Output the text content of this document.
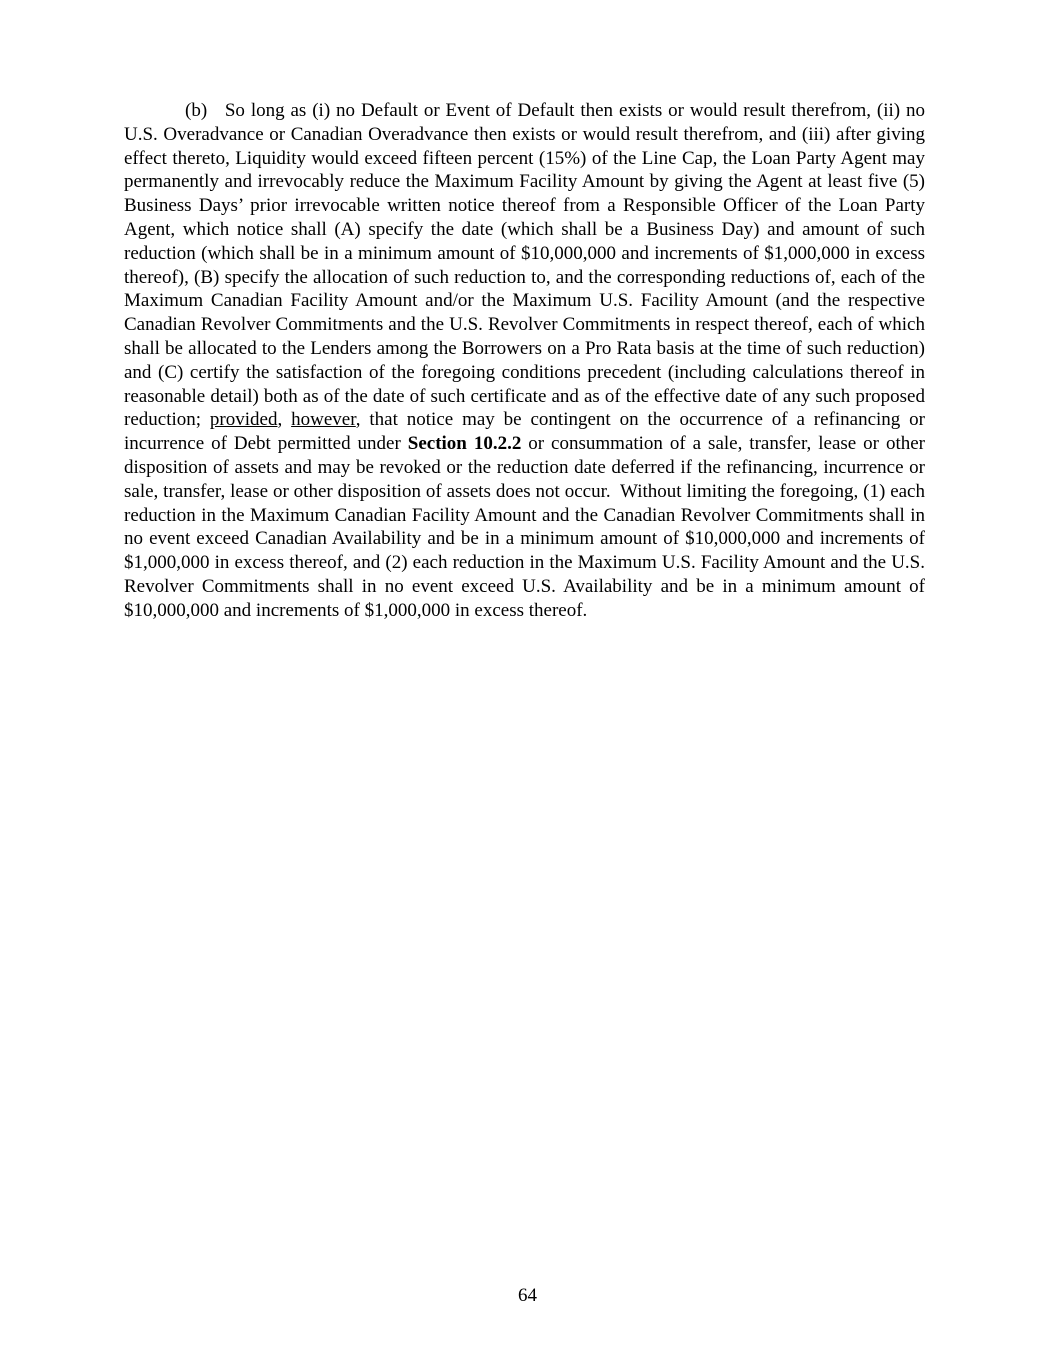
(b) So long as (i) no Default or Event of Default then exists or would result therefrom, (ii) no U.S. Overadvance or Canadian Overadvance then exists or would result therefrom, and (iii) after giving effect thereto, Liquidity would exceed fifteen percent (15%) of the Line Cap, the Loan Party Agent may permanently and irrevocably reduce the Maximum Facility Amount by giving the Agent at least five (5) Business Days’ prior irrevocable written notice thereof from a Responsible Officer of the Loan Party Agent, which notice shall (A) specify the date (which shall be a Business Day) and amount of such reduction (which shall be in a minimum amount of $10,000,000 and increments of $1,000,000 in excess thereof), (B) specify the allocation of such reduction to, and the corresponding reductions of, each of the Maximum Canadian Facility Amount and/or the Maximum U.S. Facility Amount (and the respective Canadian Revolver Commitments and the U.S. Revolver Commitments in respect thereof, each of which shall be allocated to the Lenders among the Borrowers on a Pro Rata basis at the time of such reduction) and (C) certify the satisfaction of the foregoing conditions precedent (including calculations thereof in reasonable detail) both as of the date of such certificate and as of the effective date of any such proposed reduction; provided, however, that notice may be contingent on the occurrence of a refinancing or incurrence of Debt permitted under Section 10.2.2 or consummation of a sale, transfer, lease or other disposition of assets and may be revoked or the reduction date deferred if the refinancing, incurrence or sale, transfer, lease or other disposition of assets does not occur.  Without limiting the foregoing, (1) each reduction in the Maximum Canadian Facility Amount and the Canadian Revolver Commitments shall in no event exceed Canadian Availability and be in a minimum amount of $10,000,000 and increments of $1,000,000 in excess thereof, and (2) each reduction in the Maximum U.S. Facility Amount and the U.S. Revolver Commitments shall in no event exceed U.S. Availability and be in a minimum amount of $10,000,000 and increments of $1,000,000 in excess thereof.

64
